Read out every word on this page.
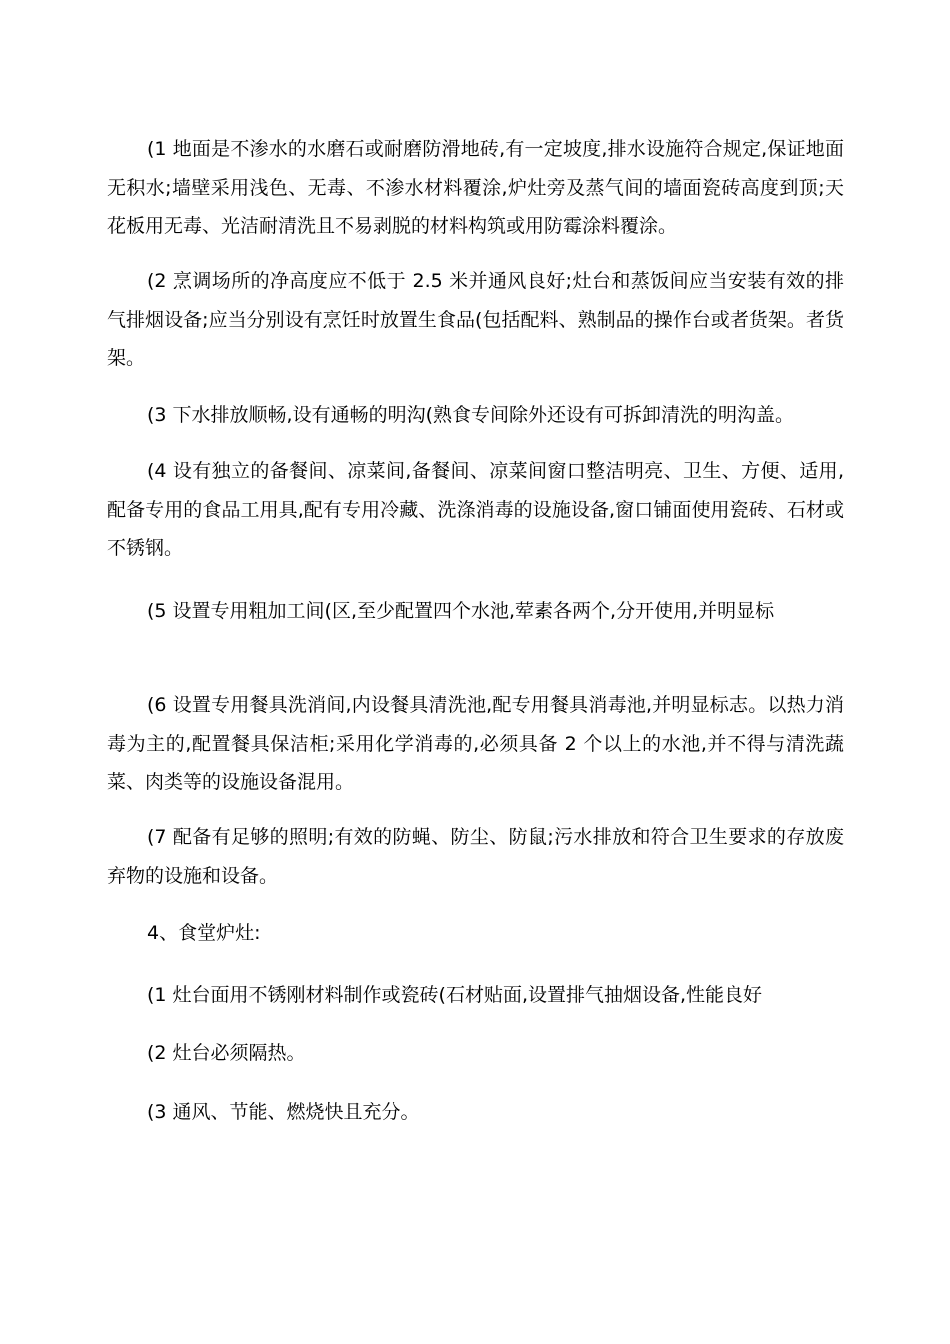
(1 地面是不渗水的水磨石或耐磨防滑地砖,有一定坡度,排水设施符合规定,保证地面无积水;墙壁采用浅色、无毒、不渗水材料覆涂,炉灶旁及蒸气间的墙面瓷砖高度到顶;天花板用无毒、光洁耐清洗且不易剥脱的材料构筑或用防霉涂料覆涂。

(2 烹调场所的净高度应不低于 2.5 米并通风良好;灶台和蒸饭间应当安装有效的排气排烟设备;应当分别设有烹饪时放置生食品(包括配料、熟制品的操作台或者货架。者货架。

(3 下水排放顺畅,设有通畅的明沟(熟食专间除外还设有可拆卸清洗的明沟盖。

(4 设有独立的备餐间、凉菜间,备餐间、凉菜间窗口整洁明亮、卫生、方便、适用,配备专用的食品工用具,配有专用冷藏、洗涤消毒的设施设备,窗口铺面使用瓷砖、石材或不锈钢。

(5 设置专用粗加工间(区,至少配置四个水池,荤素各两个,分开使用,并明显标

(6 设置专用餐具洗消间,内设餐具清洗池,配专用餐具消毒池,并明显标志。以热力消毒为主的,配置餐具保洁柜;采用化学消毒的,必须具备 2 个以上的水池,并不得与清洗蔬菜、肉类等的设施设备混用。

(7 配备有足够的照明;有效的防蝇、防尘、防鼠;污水排放和符合卫生要求的存放废弃物的设施和设备。

4、食堂炉灶:

(1 灶台面用不锈刚材料制作或瓷砖(石材贴面,设置排气抽烟设备,性能良好

(2 灶台必须隔热。

(3 通风、节能、燃烧快且充分。
